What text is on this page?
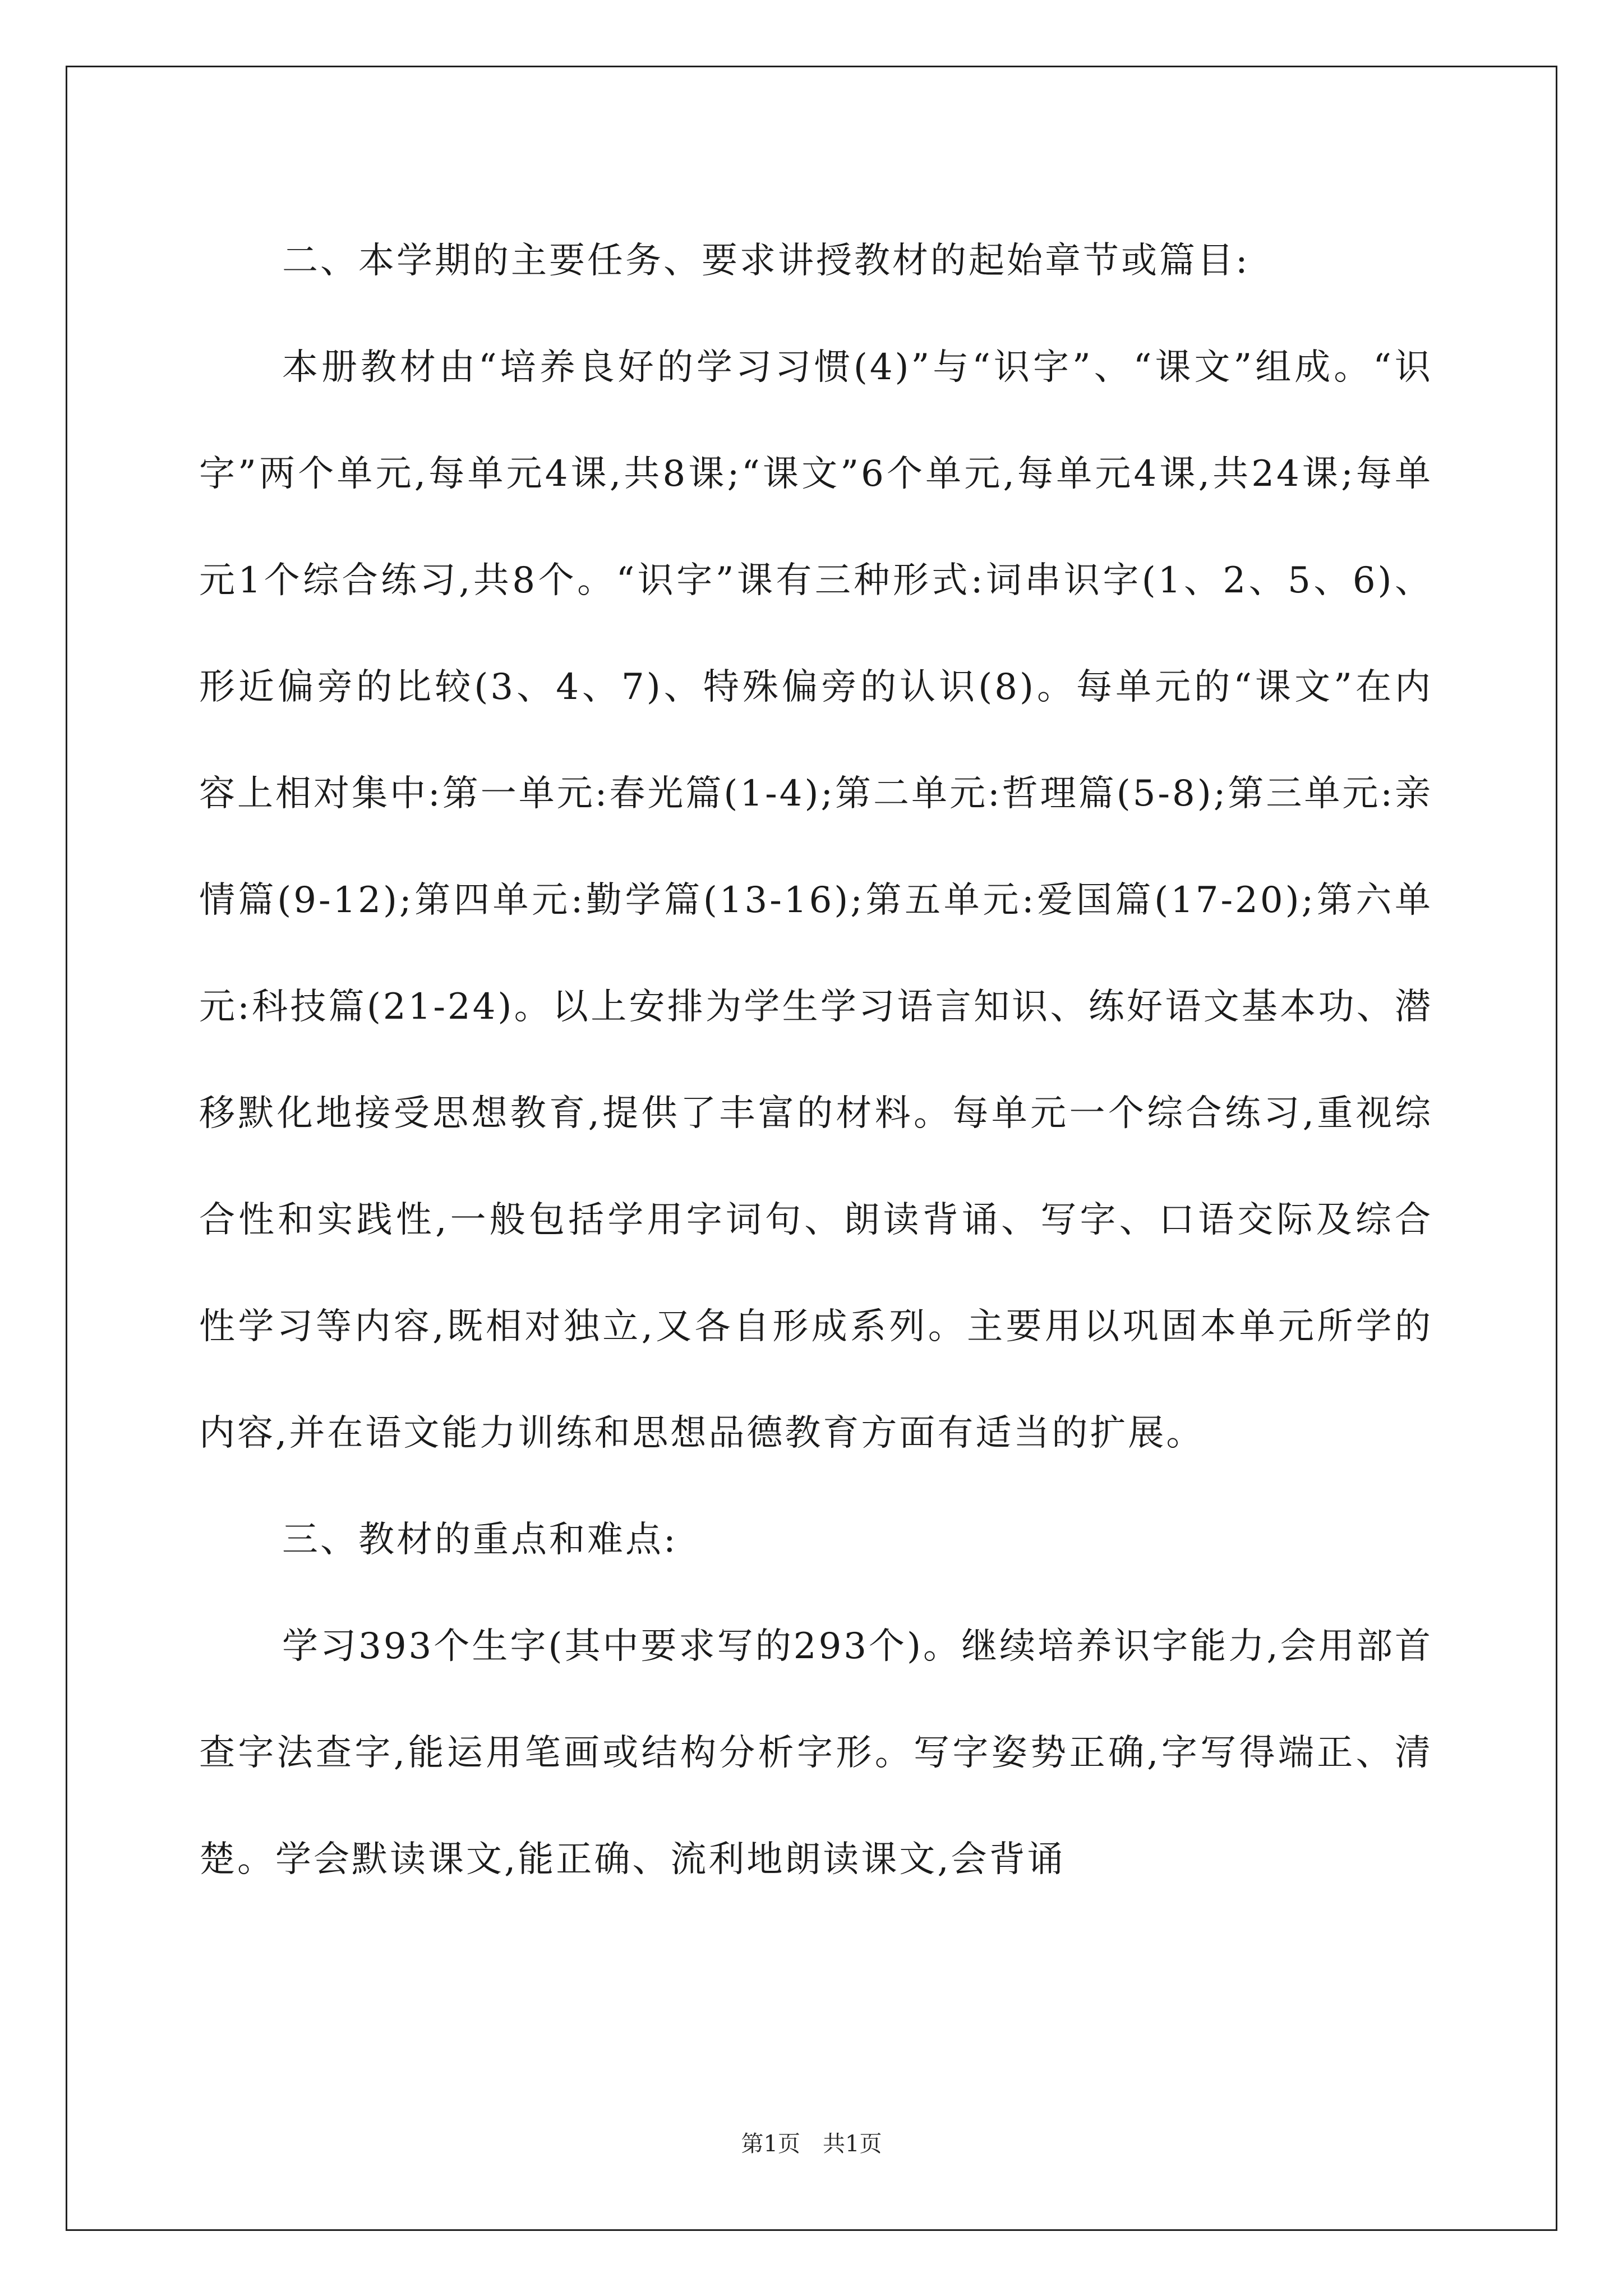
二、本学期的主要任务、要求讲授教材的起始章节或篇目:

本册教材由“培养良好的学习习惯(4)”与“识字”、“课文”组成。“识字”两个单元,每单元4课,共8课;“课文”6个单元,每单元4课,共24课;每单元1个综合练习,共8个。“识字”课有三种形式:词串识字(1、2、5、6)、形近偏旁的比较(3、4、7)、特殊偏旁的认识(8)。每单元的“课文”在内容上相对集中:第一单元:春光篇(1-4);第二单元:哲理篇(5-8);第三单元:亲情篇(9-12);第四单元:勤学篇(13-16);第五单元:爱国篇(17-20);第六单元:科技篇(21-24)。以上安排为学生学习语言知识、练好语文基本功、潜移默化地接受思想教育,提供了丰富的材料。每单元一个综合练习,重视综合性和实践性,一般包括学用字词句、朗读背诵、写字、口语交际及综合性学习等内容,既相对独立,又各自形成系列。主要用以巩固本单元所学的内容,并在语文能力训练和思想品德教育方面有适当的扩展。

三、教材的重点和难点:

学习393个生字(其中要求写的293个)。继续培养识字能力,会用部首查字法查字,能运用笔画或结构分析字形。写字姿势正确,字写得端正、清楚。学会默读课文,能正确、流利地朗读课文,会背诵

第1页　共1页
